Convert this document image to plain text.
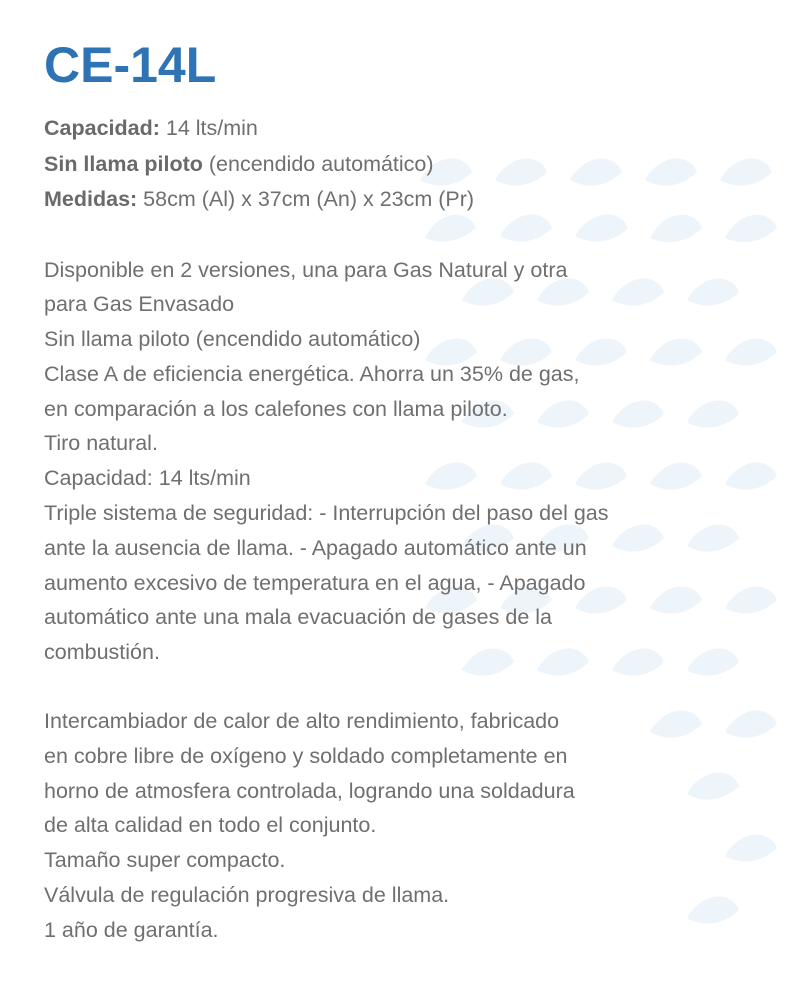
CE-14L
Capacidad: 14 lts/min
Sin llama piloto (encendido automático)
Medidas: 58cm (Al) x 37cm (An) x 23cm (Pr)
Disponible en 2 versiones, una para Gas Natural y otra
para Gas Envasado
Sin llama piloto (encendido automático)
Clase A de eficiencia energética. Ahorra un 35% de gas,
en comparación a los calefones con llama piloto.
Tiro natural.
Capacidad: 14 lts/min
Triple sistema de seguridad: - Interrupción del paso del gas
ante la ausencia de llama. - Apagado automático ante un
aumento excesivo de temperatura en el agua, - Apagado
automático ante una mala evacuación de gases de la
combustión.
Intercambiador de calor de alto rendimiento, fabricado
en cobre libre de oxígeno y soldado completamente en
horno de atmosfera controlada, logrando una soldadura
de alta calidad en todo el conjunto.
Tamaño super compacto.
Válvula de regulación progresiva de llama.
1 año de garantía.
